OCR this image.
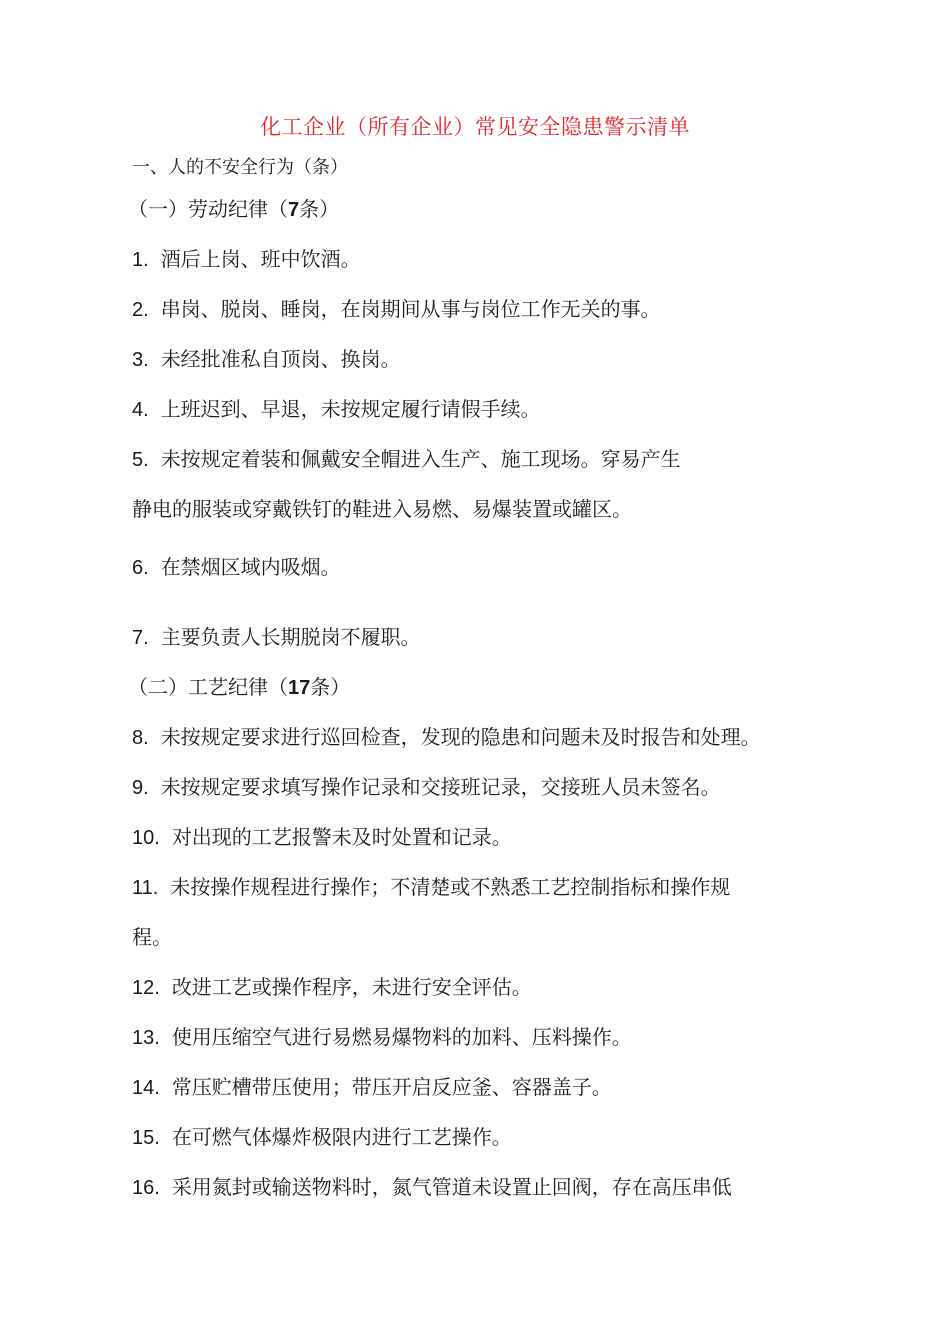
化工企业（所有企业）常见安全隐患警示清单
一、人的不安全行为（条）
（一）劳动纪律（7条）
1. 酒后上岗、班中饮酒。
2. 串岗、脱岗、睡岗，在岗期间从事与岗位工作无关的事。
3. 未经批准私自顶岗、换岗。
4. 上班迟到、早退，未按规定履行请假手续。
5. 未按规定着装和佩戴安全帽进入生产、施工现场。穿易产生
静电的服装或穿戴铁钉的鞋进入易燃、易爆装置或罐区。
6. 在禁烟区域内吸烟。
7. 主要负责人长期脱岗不履职。
（二）工艺纪律（17条）
8. 未按规定要求进行巡回检查，发现的隐患和问题未及时报告和处理。
9. 未按规定要求填写操作记录和交接班记录，交接班人员未签名。
10. 对出现的工艺报警未及时处置和记录。
11. 未按操作规程进行操作；不清楚或不熟悉工艺控制指标和操作规
程。
12. 改进工艺或操作程序，未进行安全评估。
13. 使用压缩空气进行易燃易爆物料的加料、压料操作。
14. 常压贮槽带压使用；带压开启反应釜、容器盖子。
15. 在可燃气体爆炸极限内进行工艺操作。
16. 采用氮封或输送物料时，氮气管道未设置止回阀，存在高压串低
